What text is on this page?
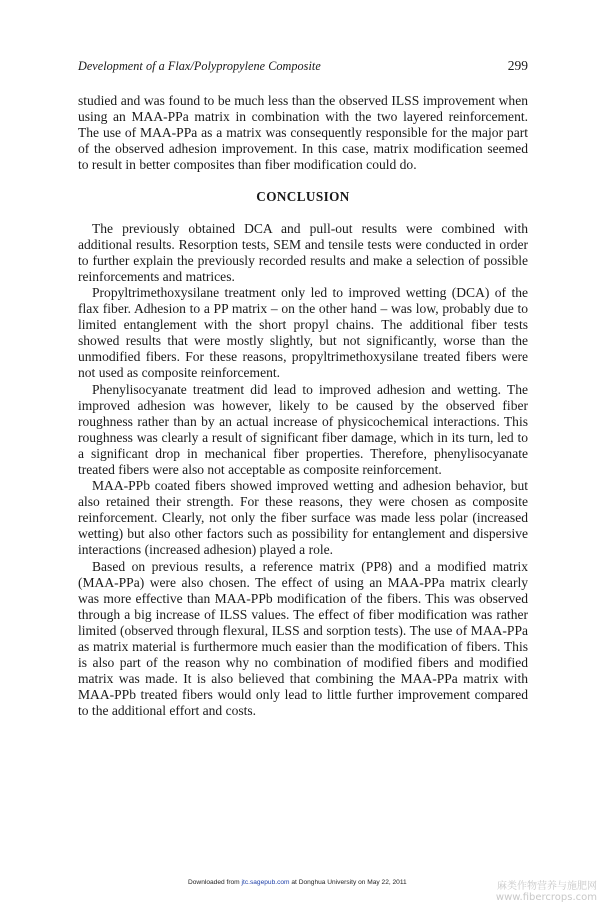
Development of a Flax/Polypropylene Composite	299

studied and was found to be much less than the observed ILSS improvement when using an MAA-PPa matrix in combination with the two layered reinforcement. The use of MAA-PPa as a matrix was consequently responsible for the major part of the observed adhesion improvement. In this case, matrix modification seemed to result in better composites than fiber modification could do.

CONCLUSION

The previously obtained DCA and pull-out results were combined with additional results. Resorption tests, SEM and tensile tests were conducted in order to further explain the previously recorded results and make a selection of possible reinforcements and matrices.

Propyltrimethoxysilane treatment only led to improved wetting (DCA) of the flax fiber. Adhesion to a PP matrix – on the other hand – was low, probably due to limited entanglement with the short propyl chains. The additional fiber tests showed results that were mostly slightly, but not significantly, worse than the unmodified fibers. For these reasons, propyltrimethoxysilane treated fibers were not used as composite reinforcement.

Phenylisocyanate treatment did lead to improved adhesion and wetting. The improved adhesion was however, likely to be caused by the observed fiber roughness rather than by an actual increase of physicochemical interactions. This roughness was clearly a result of significant fiber damage, which in its turn, led to a significant drop in mechanical fiber properties. Therefore, phenylisocyanate treated fibers were also not acceptable as composite reinforcement.

MAA-PPb coated fibers showed improved wetting and adhesion behavior, but also retained their strength. For these reasons, they were chosen as composite reinforcement. Clearly, not only the fiber surface was made less polar (increased wetting) but also other factors such as possibility for entanglement and dispersive interactions (increased adhesion) played a role.

Based on previous results, a reference matrix (PP8) and a modified matrix (MAA-PPa) were also chosen. The effect of using an MAA-PPa matrix clearly was more effective than MAA-PPb modification of the fibers. This was observed through a big increase of ILSS values. The effect of fiber modification was rather limited (observed through flexural, ILSS and sorption tests). The use of MAA-PPa as matrix material is furthermore much easier than the modification of fibers. This is also part of the reason why no combination of modified fibers and modified matrix was made. It is also believed that combining the MAA-PPa matrix with MAA-PPb treated fibers would only lead to little further improvement compared to the additional effort and costs.

Downloaded from jtc.sagepub.com at Donghua University on May 22, 2011	麻类作物营养与施肥网
www.fibercrops.com
